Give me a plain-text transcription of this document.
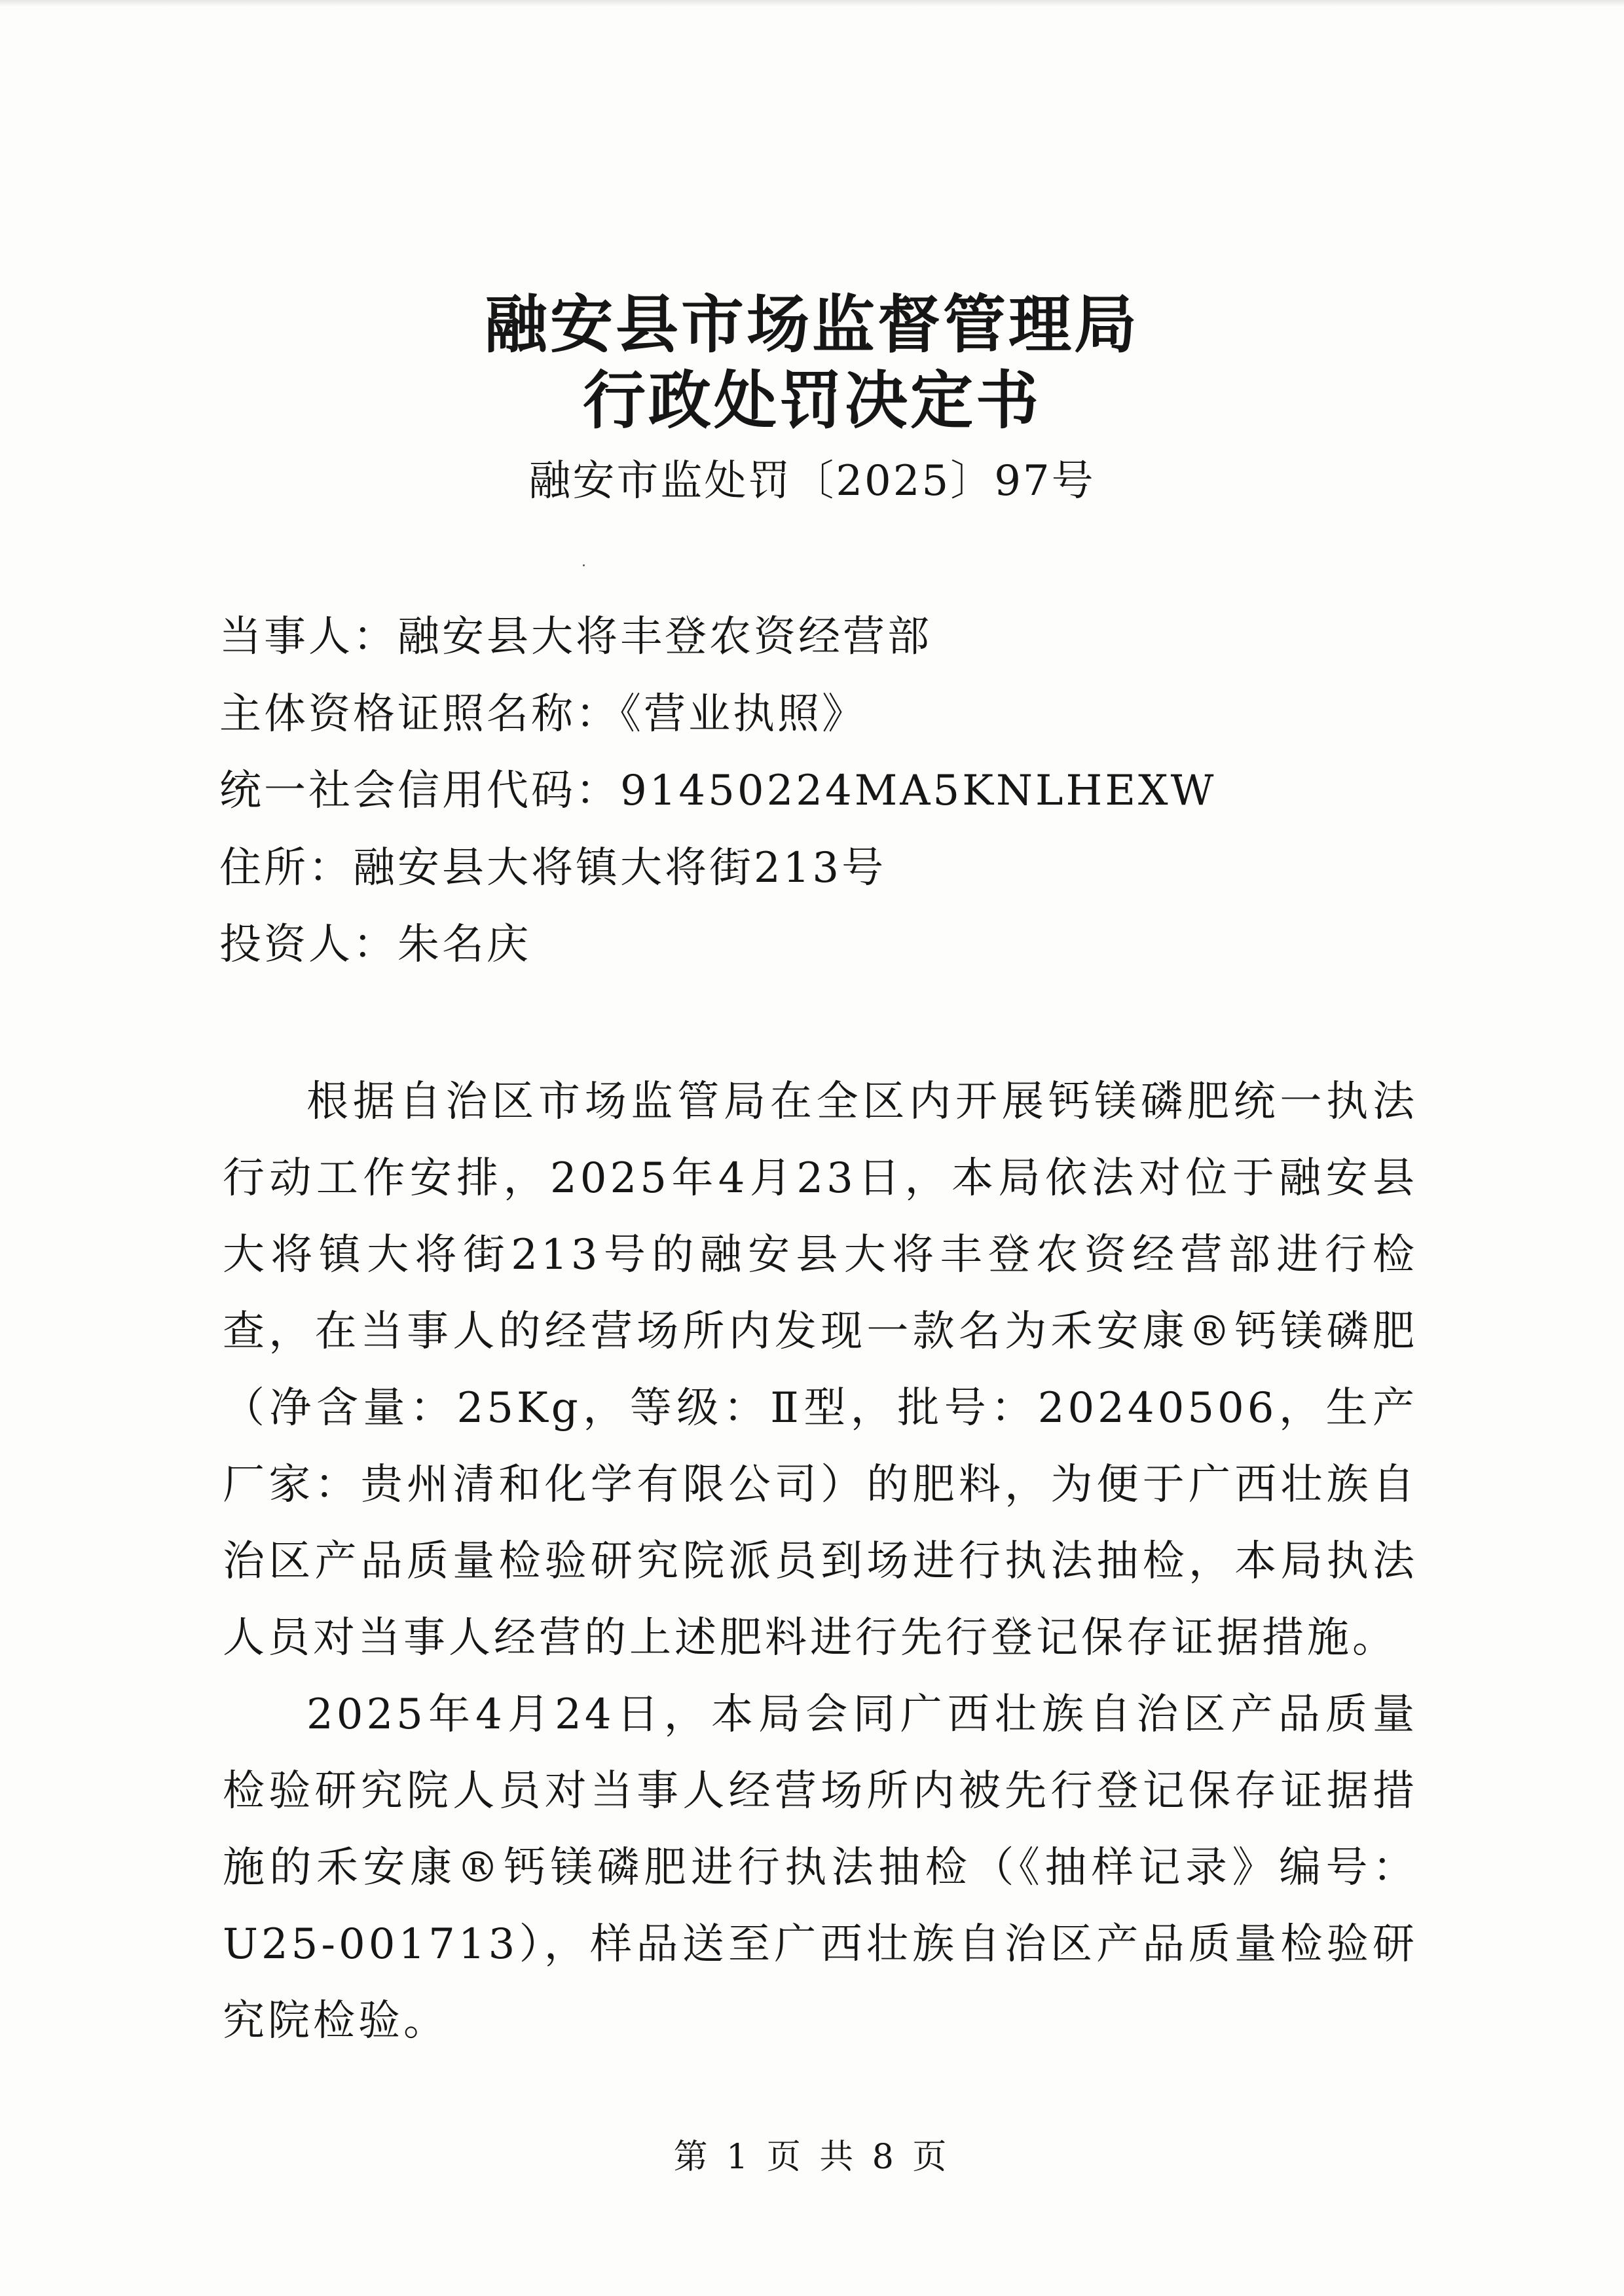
融安县市场监督管理局
行政处罚决定书
融安市监处罚〔2025〕97号
当事人：融安县大将丰登农资经营部
主体资格证照名称：《营业执照》
统一社会信用代码：91450224MA5KNLHEXW
住所：融安县大将镇大将街213号
投资人：朱名庆

根据自治区市场监管局在全区内开展钙镁磷肥统一执法行动工作安排，2025年4月23日，本局依法对位于融安县大将镇大将街213号的融安县大将丰登农资经营部进行检查，在当事人的经营场所内发现一款名为禾安康®钙镁磷肥（净含量：25Kg，等级：Ⅱ型，批号：20240506，生产厂家：贵州清和化学有限公司）的肥料，为便于广西壮族自治区产品质量检验研究院派员到场进行执法抽检，本局执法人员对当事人经营的上述肥料进行先行登记保存证据措施。

2025年4月24日，本局会同广西壮族自治区产品质量检验研究院人员对当事人经营场所内被先行登记保存证据措施的禾安康®钙镁磷肥进行执法抽检（《抽样记录》编号：U25-001713），样品送至广西壮族自治区产品质量检验研究院检验。

第 1 页 共 8 页
